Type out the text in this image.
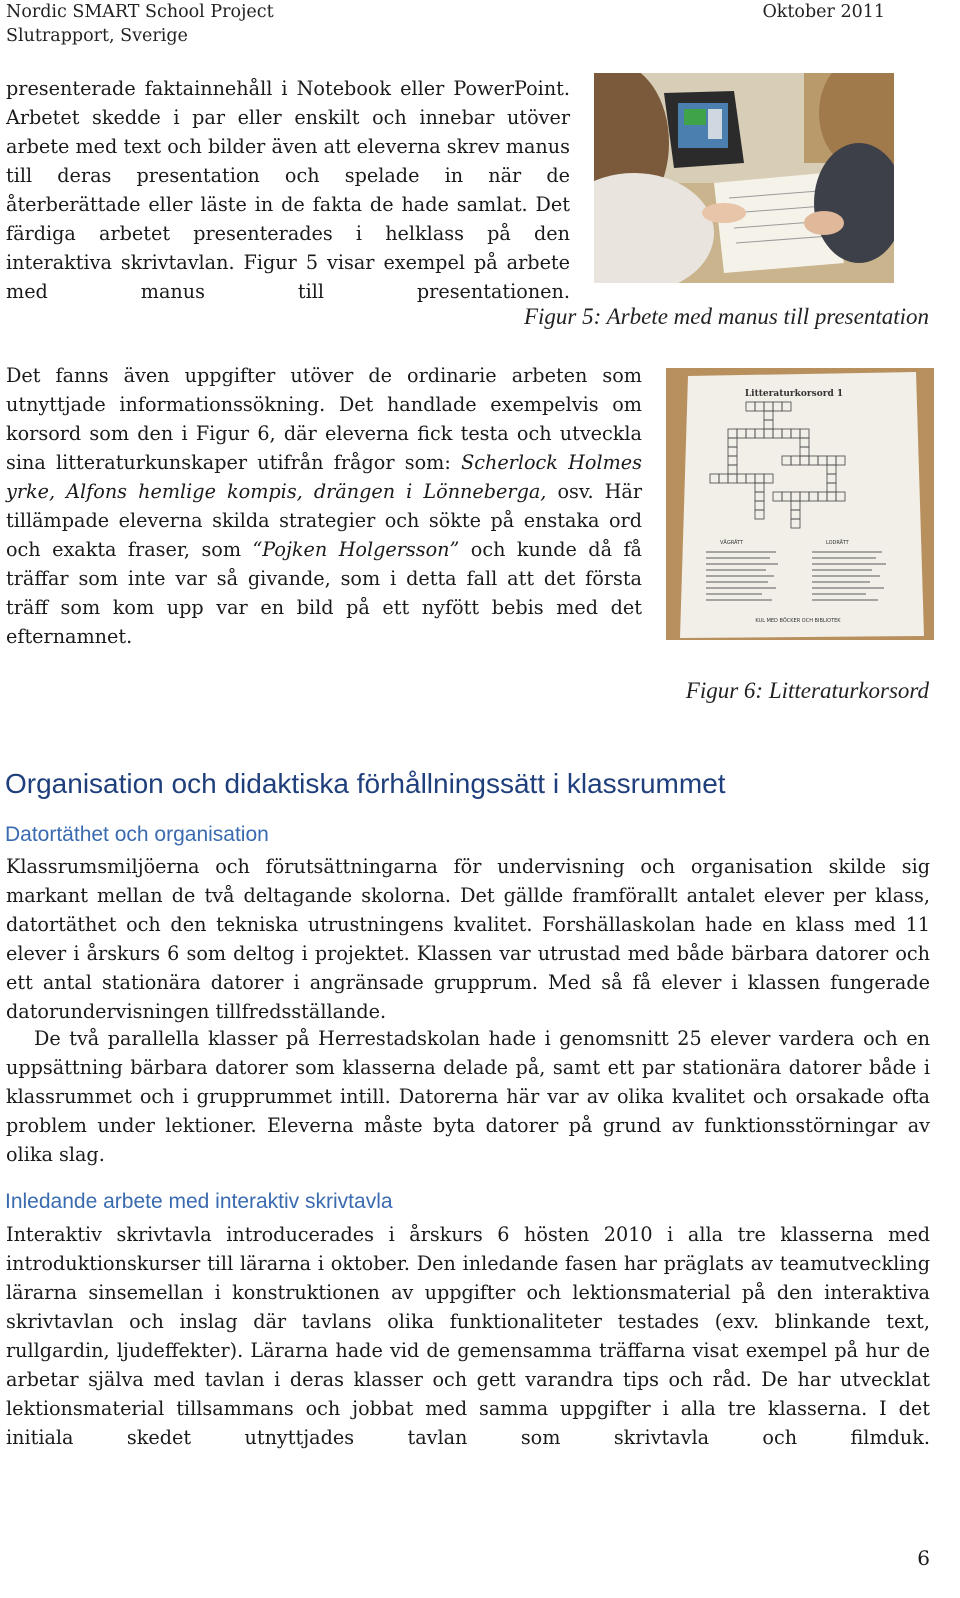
Nordic SMART School Project
Slutrapport, Sverige
Oktober 2011

presenterade faktainnehåll i Notebook eller PowerPoint. Arbetet skedde i par eller enskilt och innebar utöver arbete med text och bilder även att eleverna skrev manus till deras presentation och spelade in när de återberättade eller läste in de fakta de hade samlat. Det färdiga arbetet presenterades i helklass på den interaktiva skrivtavlan. Figur 5 visar exempel på arbete med manus till presentationen.

Figur 5: Arbete med manus till presentation

Det fanns även uppgifter utöver de ordinarie arbeten som utnyttjade informationssökning. Det handlade exempelvis om korsord som den i Figur 6, där eleverna fick testa och utveckla sina litteraturkunskaper utifrån frågor som: Scherlock Holmes yrke, Alfons hemlige kompis, drängen i Lönneberga, osv. Här tillämpade eleverna skilda strategier och sökte på enstaka ord och exakta fraser, som “Pojken Holgersson” och kunde då få träffar som inte var så givande, som i detta fall att det första träff som kom upp var en bild på ett nyfött bebis med det efternamnet.

Litteraturkorsord 1
VÅGRÄTT	LODRÄTT
KUL MED BÖCKER OCH BIBLIOTEK
Figur 6: Litteraturkorsord
Organisation och didaktiska förhållningssätt i klassrummet
Datortäthet och organisation

Klassrumsmiljöerna och förutsättningarna för undervisning och organisation skilde sig markant mellan de två deltagande skolorna. Det gällde framförallt antalet elever per klass, datortäthet och den tekniska utrustningens kvalitet. Forshällaskolan hade en klass med 11 elever i årskurs 6 som deltog i projektet. Klassen var utrustad med både bärbara datorer och ett antal stationära datorer i angränsade grupprum. Med så få elever i klassen fungerade datorundervisningen tillfredsställande.

De två parallella klasser på Herrestadskolan hade i genomsnitt 25 elever vardera och en uppsättning bärbara datorer som klasserna delade på, samt ett par stationära datorer både i klassrummet och i grupprummet intill. Datorerna här var av olika kvalitet och orsakade ofta problem under lektioner. Eleverna måste byta datorer på grund av funktionsstörningar av olika slag.

Inledande arbete med interaktiv skrivtavla

Interaktiv skrivtavla introducerades i årskurs 6 hösten 2010 i alla tre klasserna med introduktionskurser till lärarna i oktober. Den inledande fasen har präglats av teamutveckling lärarna sinsemellan i konstruktionen av uppgifter och lektionsmaterial på den interaktiva skrivtavlan och inslag där tavlans olika funktionaliteter testades (exv. blinkande text, rullgardin, ljudeffekter). Lärarna hade vid de gemensamma träffarna visat exempel på hur de arbetar själva med tavlan i deras klasser och gett varandra tips och råd. De har utvecklat lektionsmaterial tillsammans och jobbat med samma uppgifter i alla tre klasserna. I det initiala skedet utnyttjades tavlan som skrivtavla och filmduk.

6
